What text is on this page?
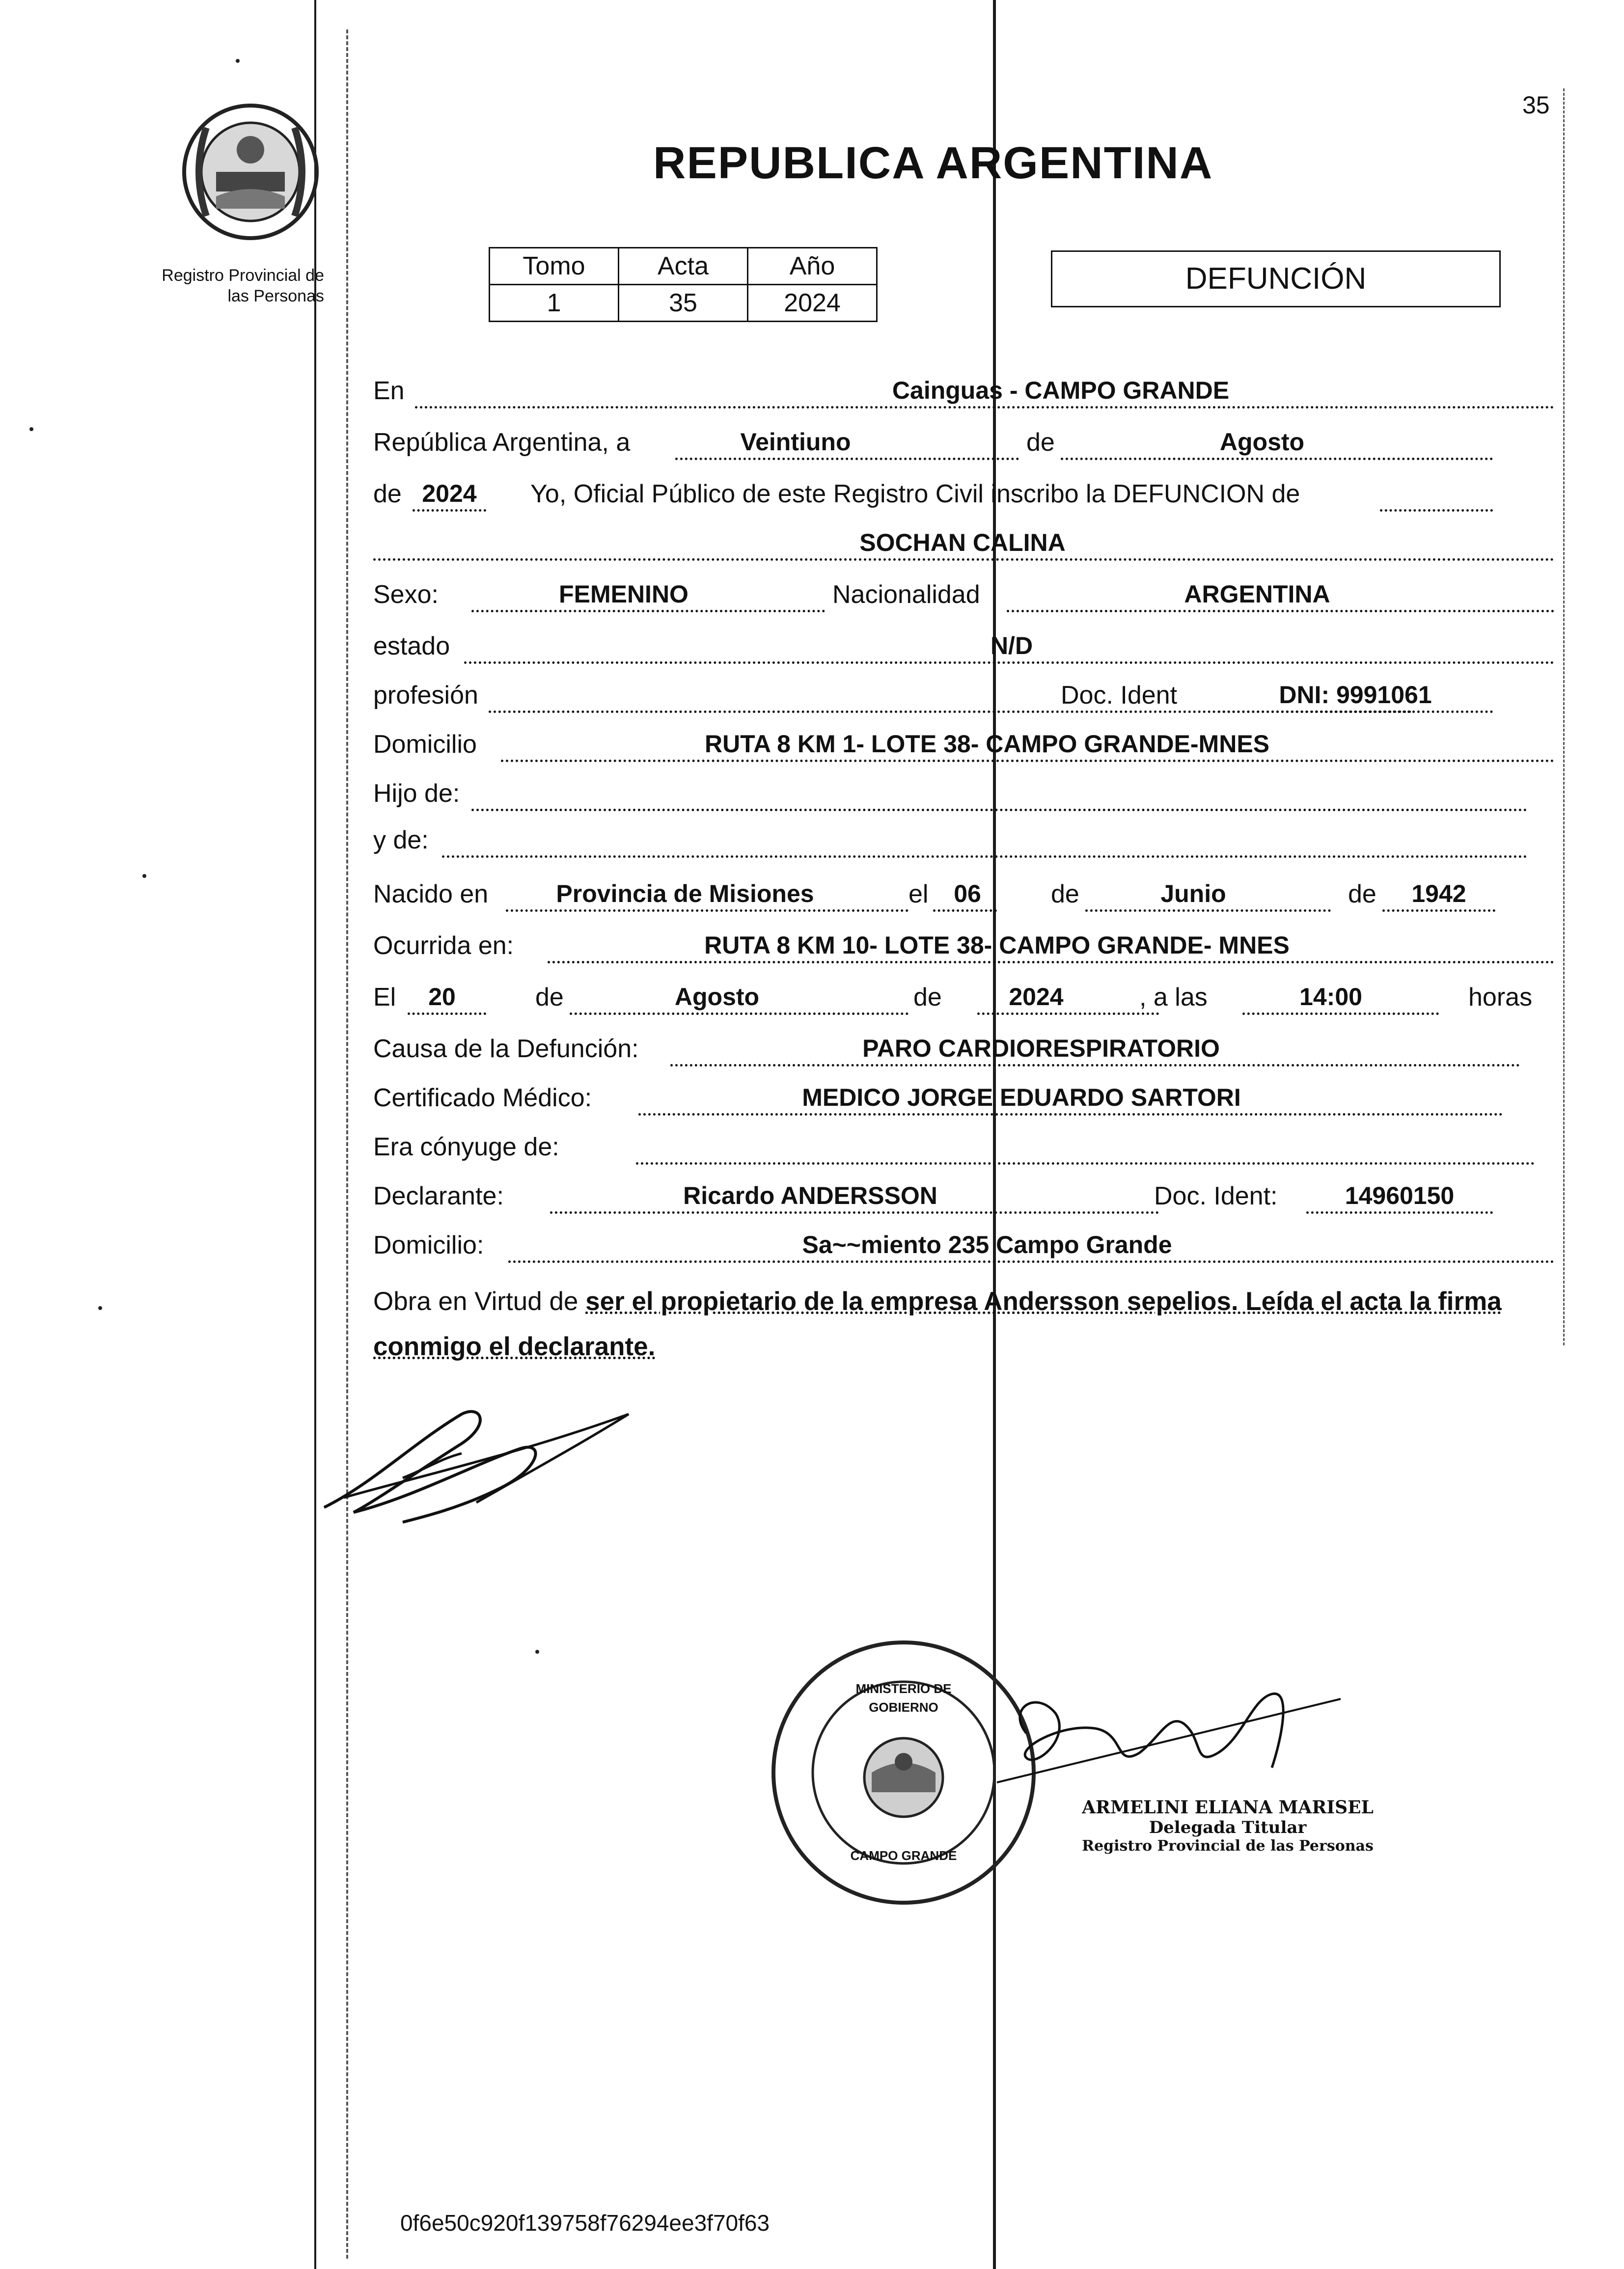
35
Registro Provincial de
las Personas
REPUBLICA ARGENTINA
Tomo	Acta	Año
1	35	2024
DEFUNCIÓN
En	Cainguas - CAMPO GRANDE
República Argentina, a	Veintiuno	de	Agosto
de 2024	Yo, Oficial Público de este Registro Civil inscribo la DEFUNCION de
SOCHAN CALINA
Sexo:	FEMENINO	Nacionalidad	ARGENTINA
estado	N/D
profesión	Doc. Ident	DNI: 9991061
Domicilio	RUTA 8 KM 1- LOTE 38- CAMPO GRANDE-MNES
Hijo de:
y de:
Nacido en	Provincia de Misiones	el	06	de	Junio	de	1942
Ocurrida en:	RUTA 8 KM 10- LOTE 38- CAMPO GRANDE- MNES
El	20	de	Agosto	de	2024	, a las	14:00	horas
Causa de la Defunción:	PARO CARDIORESPIRATORIO
Certificado Médico:	MEDICO JORGE EDUARDO SARTORI
Era cónyuge de:
Declarante:	Ricardo ANDERSSON	Doc. Ident:	14960150
Domicilio:	Sa~~miento 235 Campo Grande
Obra en Virtud de ser el propietario de la empresa Andersson sepelios. Leída el acta la firma conmigo el declarante.
MINISTERIO DE GOBIERNO
CAMPO GRANDE
ARMELINI ELIANA MARISEL
Delegada Titular
Registro Provincial de las Personas
0f6e50c920f139758f76294ee3f70f63
